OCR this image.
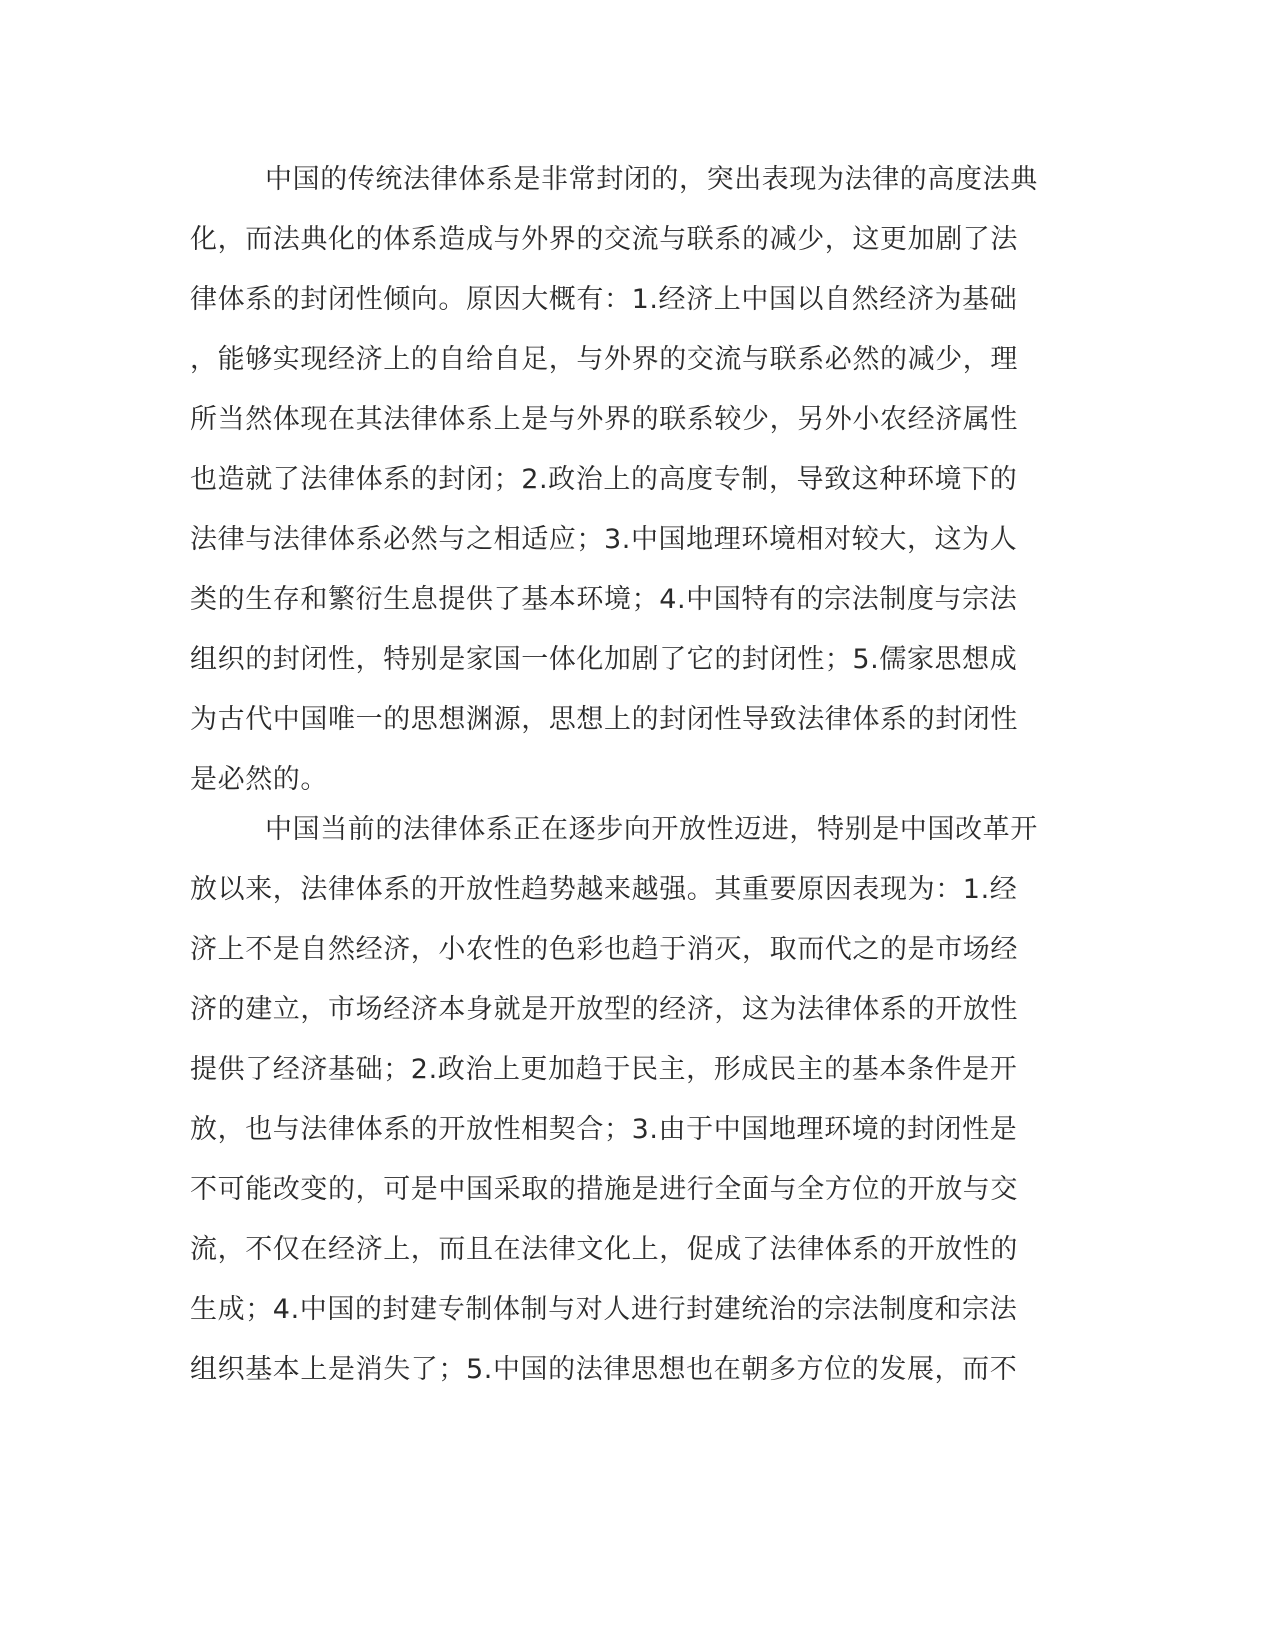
中国的传统法律体系是非常封闭的，突出表现为法律的高度法典
化，而法典化的体系造成与外界的交流与联系的减少，这更加剧了法
律体系的封闭性倾向。原因大概有：1.经济上中国以自然经济为基础
，能够实现经济上的自给自足，与外界的交流与联系必然的减少，理
所当然体现在其法律体系上是与外界的联系较少，另外小农经济属性
也造就了法律体系的封闭；2.政治上的高度专制，导致这种环境下的
法律与法律体系必然与之相适应；3.中国地理环境相对较大，这为人
类的生存和繁衍生息提供了基本环境；4.中国特有的宗法制度与宗法
组织的封闭性，特别是家国一体化加剧了它的封闭性；5.儒家思想成
为古代中国唯一的思想渊源，思想上的封闭性导致法律体系的封闭性
是必然的。
中国当前的法律体系正在逐步向开放性迈进，特别是中国改革开
放以来，法律体系的开放性趋势越来越强。其重要原因表现为：1.经
济上不是自然经济，小农性的色彩也趋于消灭，取而代之的是市场经
济的建立，市场经济本身就是开放型的经济，这为法律体系的开放性
提供了经济基础；2.政治上更加趋于民主，形成民主的基本条件是开
放，也与法律体系的开放性相契合；3.由于中国地理环境的封闭性是
不可能改变的，可是中国采取的措施是进行全面与全方位的开放与交
流，不仅在经济上，而且在法律文化上，促成了法律体系的开放性的
生成；4.中国的封建专制体制与对人进行封建统治的宗法制度和宗法
组织基本上是消失了；5.中国的法律思想也在朝多方位的发展，而不
